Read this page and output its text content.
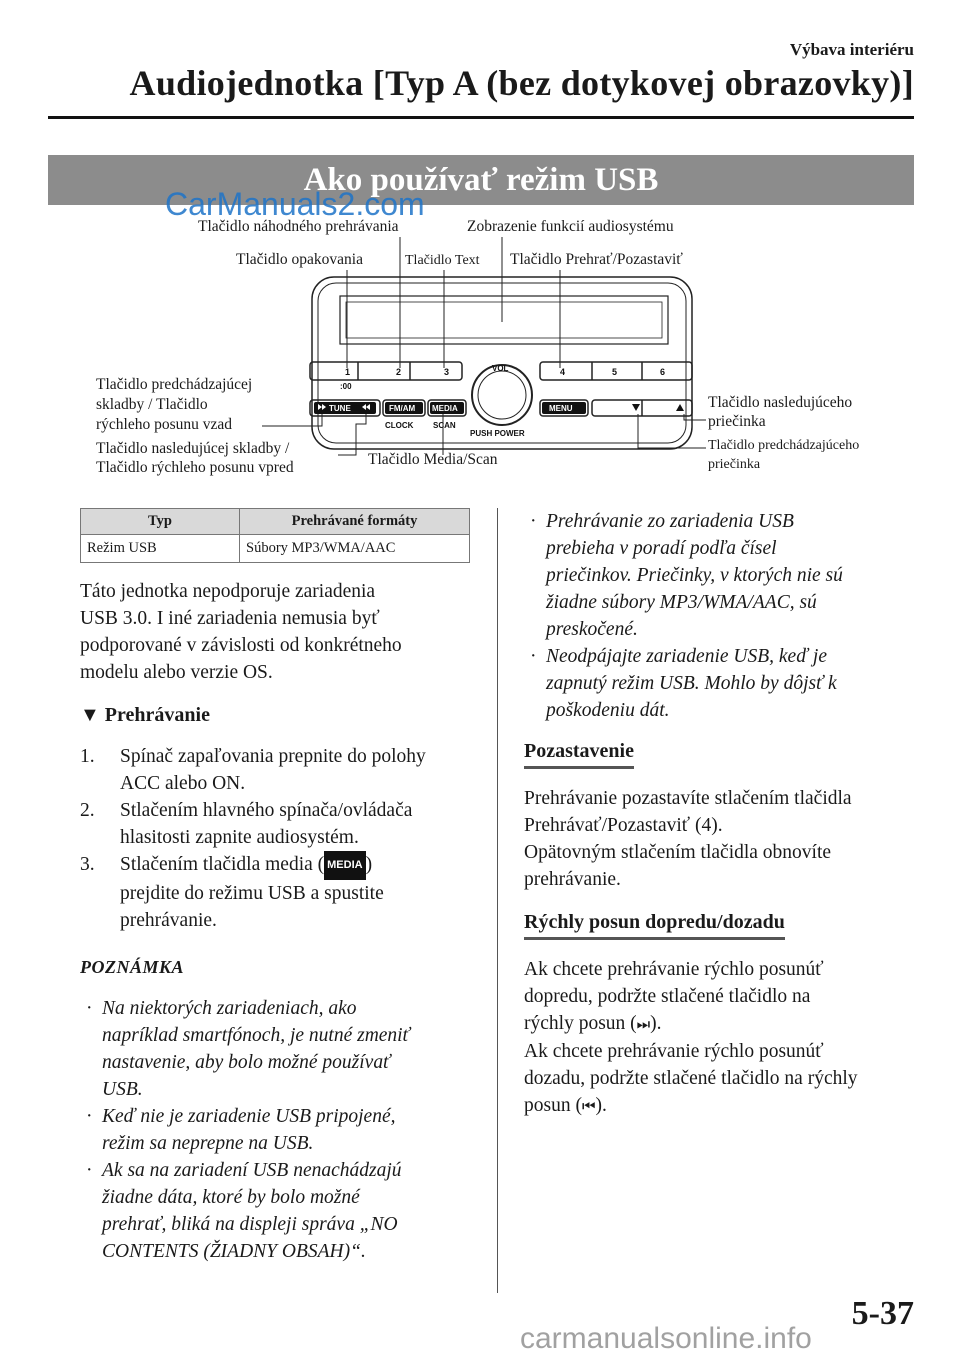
Výbava interiéru
Audiojednotka [Typ A (bez dotykovej obrazovky)]
Ako používať režim USB
CarManuals2.com
Tlačidlo náhodného prehrávania	Zobrazenie funkcií audiosystému
Tlačidlo opakovania	Tlačidlo Text Tlačidlo Prehrať/Pozastaviť
Tlačidlo predchádzajúcej
skladby / Tlačidlo
rýchleho posunu vzad
Tlačidlo nasledujúcej skladby /
Tlačidlo rýchleho posunu vpred	Tlačidlo Media/Scan
Tlačidlo nasledujúceho
priečinka
Tlačidlo predchádzajúceho
priečinka
1	2	3	4	5	6
:00
VOL
TUNE	FM/AM MEDIA	MENU
CLOCK SCAN
PUSH POWER
Typ	Prehrávané formáty
Režim USB	Súbory MP3/WMA/AAC

Táto jednotka nepodporuje zariadenia

USB 3.0. I iné zariadenia nemusia byť

podporované v závislosti od konkrétneho

modelu alebo verzie OS.

▼ Prehrávanie

1. Spínač zapaľovania prepnite do polohy

ACC alebo ON.

2. Stlačením hlavného spínača/ovládača

hlasitosti zapnite audiosystém.

3. Stlačením tlačidla media ( MEDIA )

prejdite do režimu USB a spustite

prehrávanie.

POZNÁMKA

· Na niektorých zariadeniach, ako

napríklad smartfónoch, je nutné zmeniť

nastavenie, aby bolo možné používať

USB.

· Keď nie je zariadenie USB pripojené,

režim sa neprepne na USB.

· Ak sa na zariadení USB nenachádzajú

žiadne dáta, ktoré by bolo možné

prehrať, bliká na displeji správa „NO

CONTENTS (ŽIADNY OBSAH)“.

· Prehrávanie zo zariadenia USB

prebieha v poradí podľa čísel

priečinkov. Priečinky, v ktorých nie sú

žiadne súbory MP3/WMA/AAC, sú

preskočené.

· Neodpájajte zariadenie USB, keď je

zapnutý režim USB. Mohlo by dôjsť k

poškodeniu dát.

Pozastavenie

Prehrávanie pozastavíte stlačením tlačidla

Prehrávať/Pozastaviť (4).

Opätovným stlačením tlačidla obnovíte

prehrávanie.

Rýchly posun dopredu/dozadu

Ak chcete prehrávanie rýchlo posunúť

dopredu, podržte stlačené tlačidlo na

rýchly posun (⏭).

Ak chcete prehrávanie rýchlo posunúť

dozadu, podržte stlačené tlačidlo na rýchly

posun (⏮).

5-37
carmanualsonline.info
